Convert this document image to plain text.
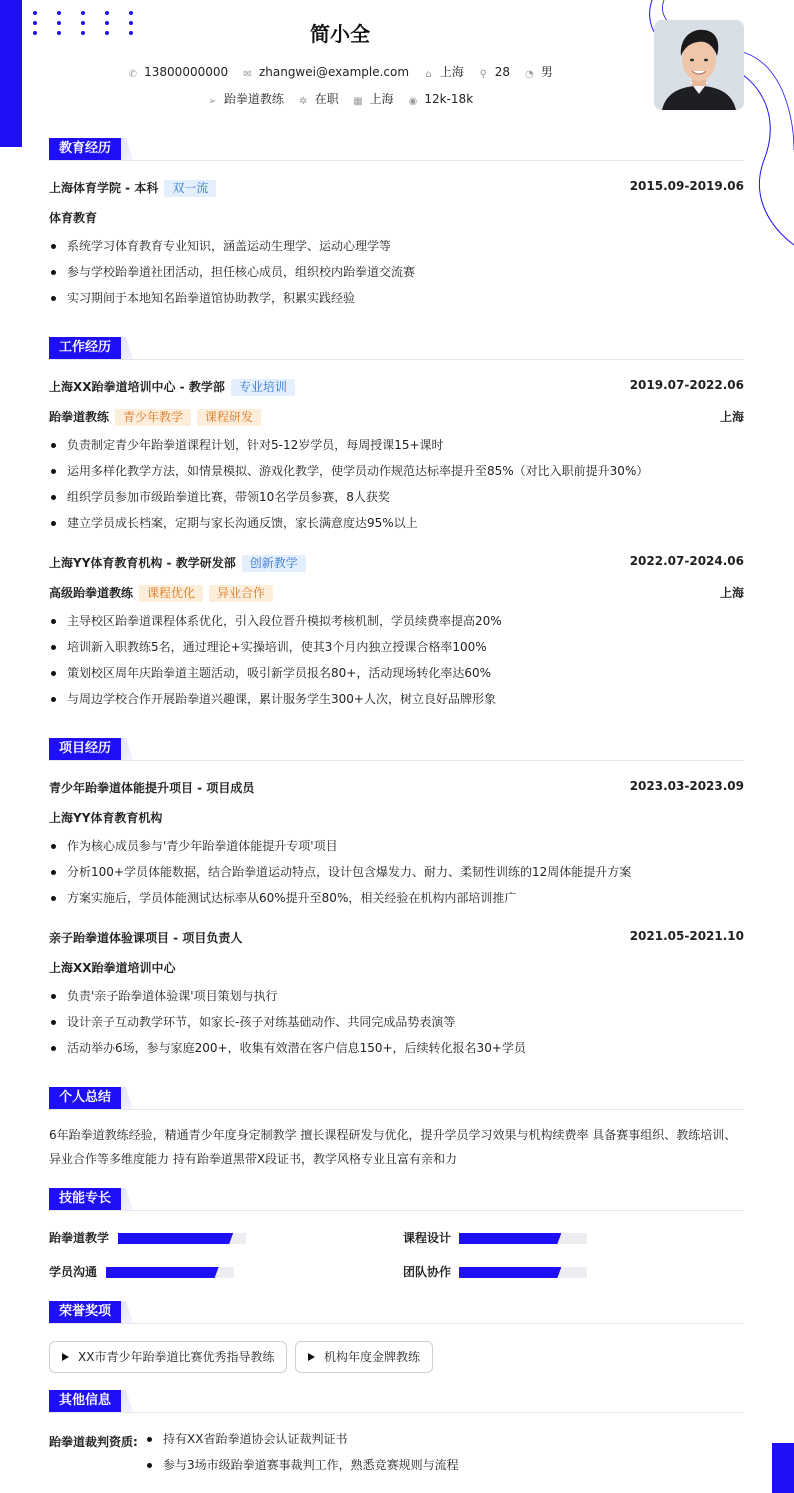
简小全
✆ 13800000000 ✉ zhangwei@example.com ⌂ 上海 ⚲ 28 ◔ 男
➢ 跆拳道教练 ✲ 在职 ▦ 上海 ◉ 12k-18k
教育经历
上海体育学院 - 本科 双一流	2015.09-2019.06
体育教育
系统学习体育教育专业知识，涵盖运动生理学、运动心理学等
参与学校跆拳道社团活动，担任核心成员，组织校内跆拳道交流赛
实习期间于本地知名跆拳道馆协助教学，积累实践经验
工作经历
上海XX跆拳道培训中心 - 教学部 专业培训	2019.07-2022.06
跆拳道教练 青少年教学 课程研发	上海
负责制定青少年跆拳道课程计划，针对5-12岁学员，每周授课15+课时
运用多样化教学方法，如情景模拟、游戏化教学，使学员动作规范达标率提升至85%（对比入职前提升30%）
组织学员参加市级跆拳道比赛，带领10名学员参赛，8人获奖
建立学员成长档案，定期与家长沟通反馈，家长满意度达95%以上
上海YY体育教育机构 - 教学研发部 创新教学	2022.07-2024.06
高级跆拳道教练 课程优化 异业合作	上海
主导校区跆拳道课程体系优化，引入段位晋升模拟考核机制，学员续费率提高20%
培训新入职教练5名，通过理论+实操培训，使其3个月内独立授课合格率100%
策划校区周年庆跆拳道主题活动，吸引新学员报名80+，活动现场转化率达60%
与周边学校合作开展跆拳道兴趣课，累计服务学生300+人次，树立良好品牌形象
项目经历
青少年跆拳道体能提升项目 - 项目成员	2023.03-2023.09
上海YY体育教育机构
作为核心成员参与'青少年跆拳道体能提升专项'项目
分析100+学员体能数据，结合跆拳道运动特点，设计包含爆发力、耐力、柔韧性训练的12周体能提升方案
方案实施后，学员体能测试达标率从60%提升至80%，相关经验在机构内部培训推广
亲子跆拳道体验课项目 - 项目负责人	2021.05-2021.10
上海XX跆拳道培训中心
负责'亲子跆拳道体验课'项目策划与执行
设计亲子互动教学环节，如家长-孩子对练基础动作、共同完成品势表演等
活动举办6场，参与家庭200+，收集有效潜在客户信息150+，后续转化报名30+学员
个人总结
6年跆拳道教练经验，精通青少年度身定制教学 擅长课程研发与优化，提升学员学习效果与机构续费率 具备赛事组织、教练培训、异业合作等多维度能力 持有跆拳道黑带X段证书，教学风格专业且富有亲和力
技能专长
跆拳道教学	课程设计
学员沟通	团队协作
荣誉奖项
XX市青少年跆拳道比赛优秀指导教练	机构年度金牌教练
其他信息
跆拳道裁判资质:	持有XX省跆拳道协会认证裁判证书
参与3场市级跆拳道赛事裁判工作，熟悉竞赛规则与流程
